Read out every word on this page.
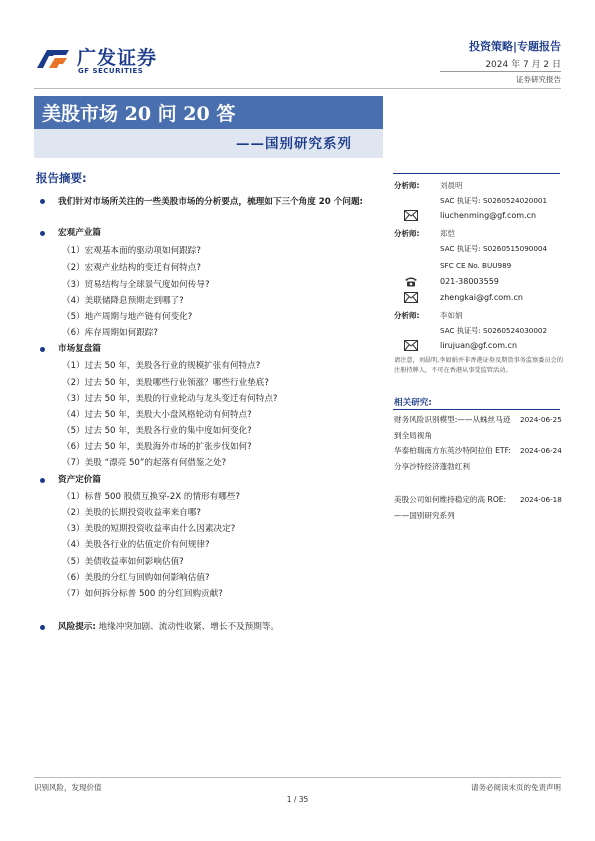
广发证券
GF SECURITIES
投资策略|专题报告
2024 年 7 月 2 日
证券研究报告
美股市场 20 问 20 答
——国别研究系列
报告摘要:
我们针对市场所关注的一些美股市场的分析要点，梳理如下三个角度 20 个问题:
宏观产业篇
（1）宏观基本面的驱动项如何跟踪?
（2）宏观产业结构的变迁有何特点?
（3）贸易结构与全球景气度如何传导?
（4）美联储降息预期走到哪了?
（5）地产周期与地产链有何变化?
（6）库存周期如何跟踪?
市场复盘篇
（1）过去 50 年，美股各行业的规模扩张有何特点?
（2）过去 50 年，美股哪些行业领涨？哪些行业垫底?
（3）过去 50 年，美股的行业轮动与龙头变迁有何特点?
（4）过去 50 年，美股大小盘风格轮动有何特点?
（5）过去 50 年，美股各行业的集中度如何变化?
（6）过去 50 年，美股海外市场的扩张步伐如何?
（7）美股 “漂亮 50”的起落有何借鉴之处?
资产定价篇
（1）标普 500 股债互换穿-2X 的情形有哪些?
（2）美股的长期投资收益率来自哪?
（3）美股的短期投资收益率由什么因素决定?
（4）美股各行业的估值定价有何规律?
（5）美债收益率如何影响估值?
（6）美股的分红与回购如何影响估值?
（7）如何拆分标普 500 的分红回购贡献?
风险提示: 地缘冲突加剧、流动性收紧、增长不及预期等。
分析师:	刘晨明
SAC 执证号: S0260524020001
liuchenming@gf.com.cn
分析师:	郑恺
SAC 执证号: S0260515090004
SFC CE No. BUU989
021-38003559
zhengkai@gf.com.cn
分析师:	李如娟
SAC 执证号: S0260524030002
lirujuan@gf.com.cn
请注意，刘晨明,李如娟并非香港证券及期货事务监察委员会的注册持牌人，不可在香港从事受监管活动。
相关研究:
财务风险识别模型:——从蛛丝马迹到全局视角
2024-06-25
华泰柏瑞南方东英沙特阿拉伯 ETF:分享沙特经济蓬勃红利
2024-06-24
美股公司如何维持稳定的高 ROE:——国别研究系列
2024-06-18
识别风险，发现价值	请务必阅读末页的免责声明
1 / 35
